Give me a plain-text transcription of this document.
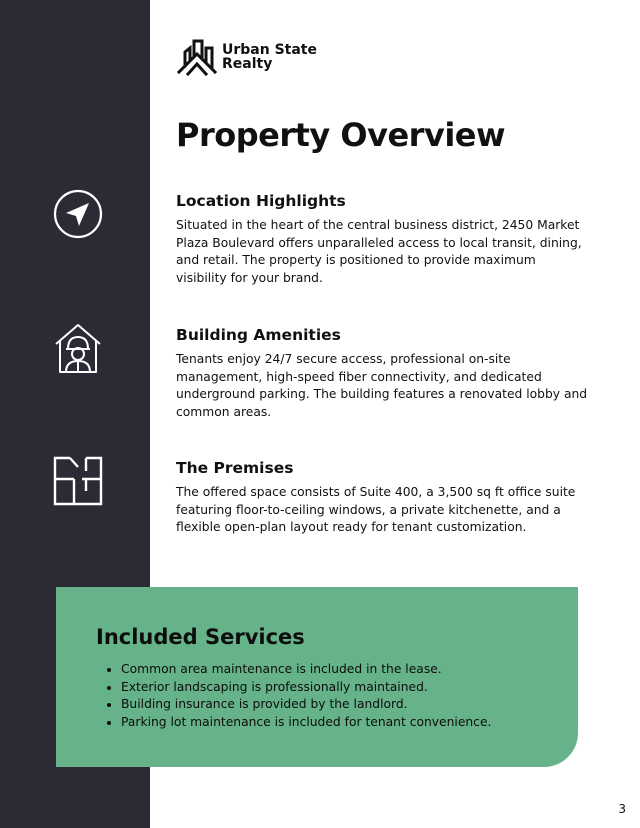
Urban State
Realty
Property Overview
Location Highlights

Situated in the heart of the central business district, 2450 Market Plaza Boulevard offers unparalleled access to local transit, dining, and retail. The property is positioned to provide maximum visibility for your brand.

Building Amenities

Tenants enjoy 24/7 secure access, professional on-site management, high-speed fiber connectivity, and dedicated underground parking. The building features a renovated lobby and common areas.

The Premises

The offered space consists of Suite 400, a 3,500 sq ft office suite featuring floor-to-ceiling windows, a private kitchenette, and a flexible open-plan layout ready for tenant customization.

Included Services
• Common area maintenance is included in the lease.
• Exterior landscaping is professionally maintained.
• Building insurance is provided by the landlord.
• Parking lot maintenance is included for tenant convenience.
3
